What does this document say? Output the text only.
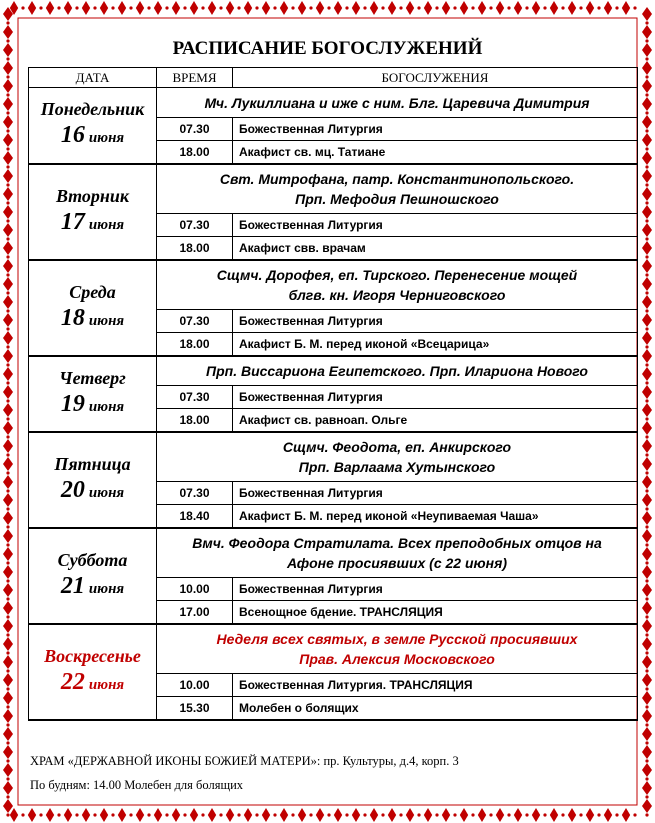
РАСПИСАНИЕ БОГОСЛУЖЕНИЙ
ДАТА	ВРЕМЯ	БОГОСЛУЖЕНИЯ

Понедельник
16 июня	Мч. Лукиллиана и иже с ним. Блг. Царевича Димитрия	

	07.30	Божественная Литургия
	18.00	Акафист св. мц. Татиане

Вторник
17 июня	Свт. Митрофана, патр. Константинопольского.
Прп. Мефодия Пешношского	

	07.30	Божественная Литургия
	18.00	Акафист свв. врачам

Среда
18 июня	Сщмч. Дорофея, еп. Тирского. Перенесение мощей
блгв. кн. Игоря Черниговского	

	07.30	Божественная Литургия
	18.00	Акафист Б. М. перед иконой «Всецарица»

Четверг
19 июня	Прп. Виссариона Египетского. Прп. Илариона Нового	

	07.30	Божественная Литургия
	18.00	Акафист св. равноап. Ольге

Пятница
20 июня	Сщмч. Феодота, еп. Анкирского
Прп. Варлаама Хутынского	

	07.30	Божественная Литургия
	18.40	Акафист Б. М. перед иконой «Неупиваемая Чаша»

Суббота
21 июня	Вмч. Феодора Стратилата. Всех преподобных отцов на
Афоне просиявших (с 22 июня)	

	10.00	Божественная Литургия
	17.00	Всенощное бдение. ТРАНСЛЯЦИЯ

Воскресенье
22 июня	Неделя всех святых, в земле Русской просиявших
Прав. Алексия Московского	

	10.00	Божественная Литургия. ТРАНСЛЯЦИЯ
	15.30	Молебен о болящих
ХРАМ «ДЕРЖАВНОЙ ИКОНЫ БОЖИЕЙ МАТЕРИ»: пр. Культуры, д.4, корп. 3
По будням: 14.00 Молебен для болящих
